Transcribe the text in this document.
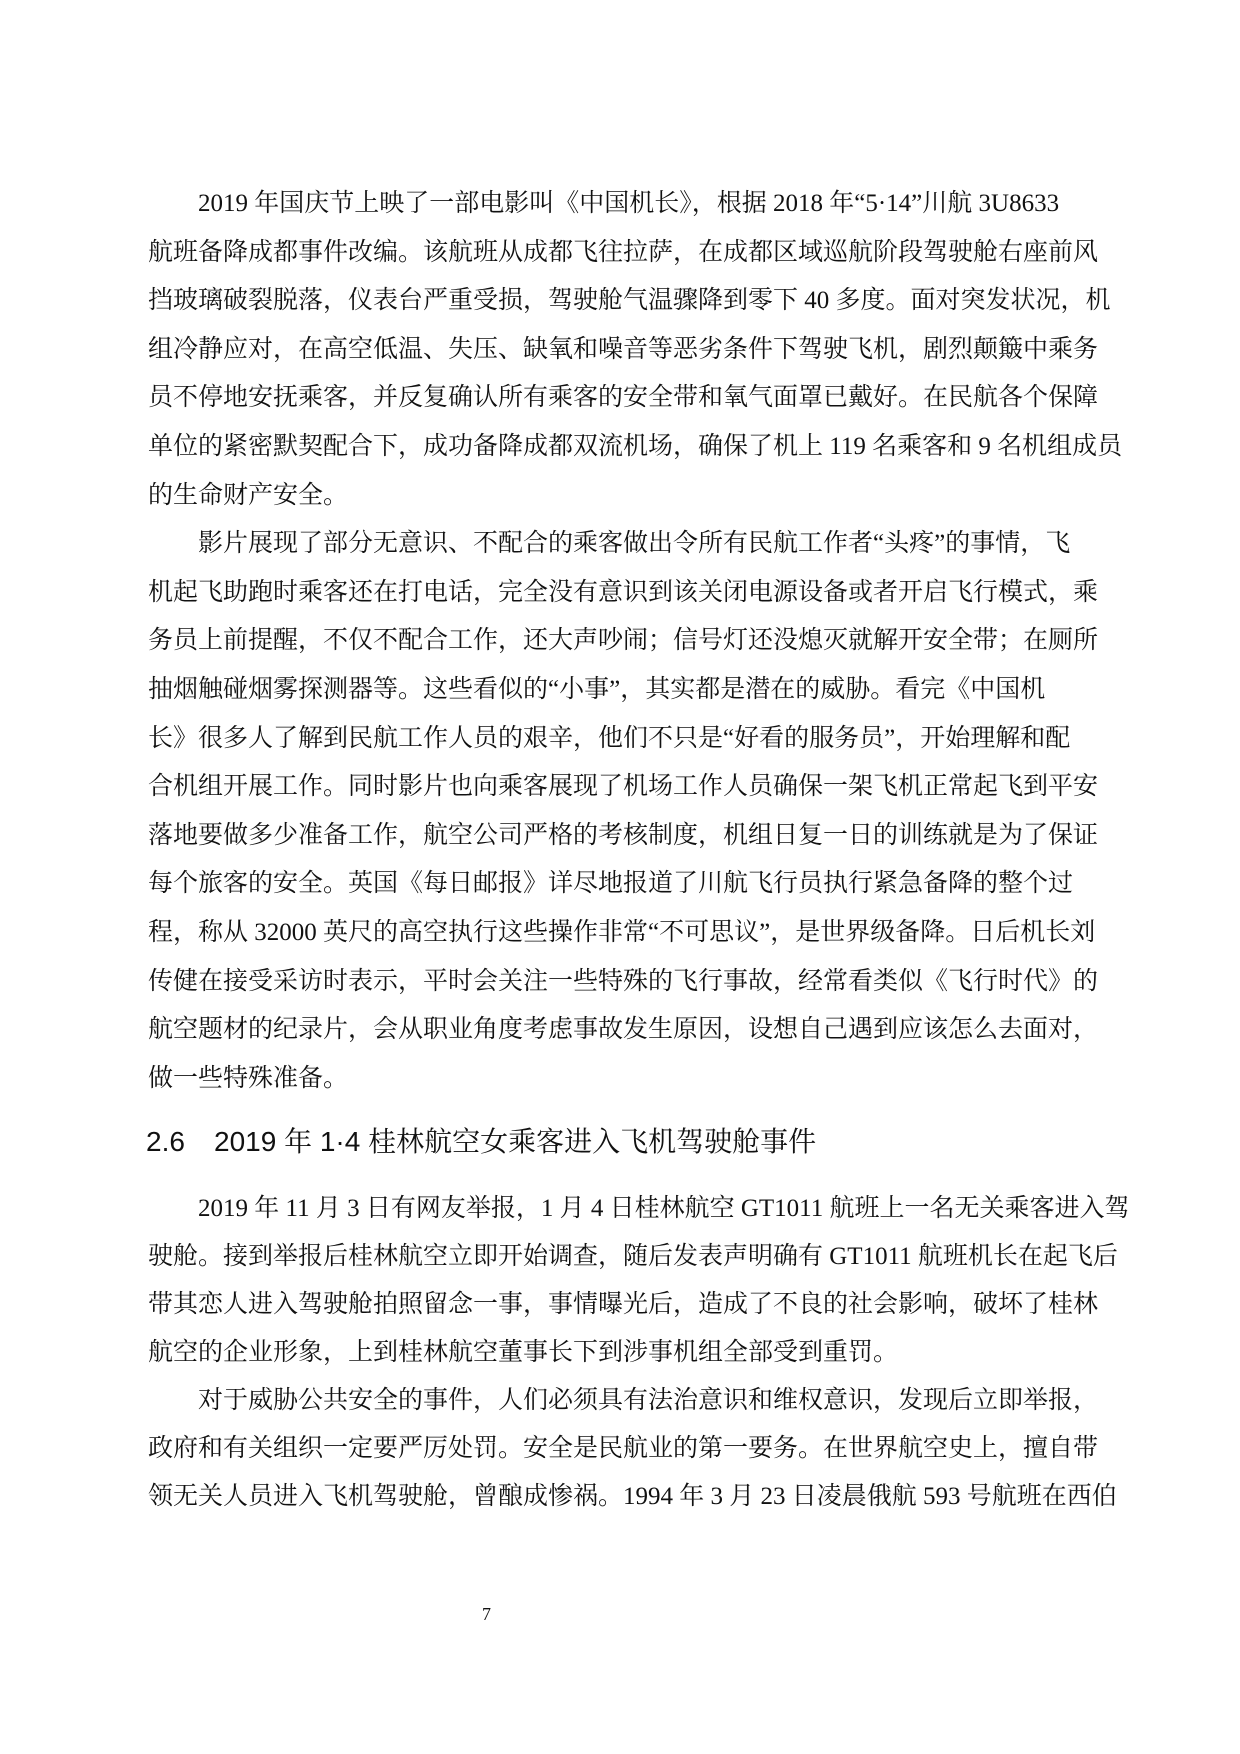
2019 年国庆节上映了一部电影叫《中国机长》，根据 2018 年“5·14”川航 3U8633
航班备降成都事件改编。该航班从成都飞往拉萨，在成都区域巡航阶段驾驶舱右座前风
挡玻璃破裂脱落，仪表台严重受损，驾驶舱气温骤降到零下 40 多度。面对突发状况，机
组冷静应对，在高空低温、失压、缺氧和噪音等恶劣条件下驾驶飞机，剧烈颠簸中乘务
员不停地安抚乘客，并反复确认所有乘客的安全带和氧气面罩已戴好。在民航各个保障
单位的紧密默契配合下，成功备降成都双流机场，确保了机上 119 名乘客和 9 名机组成员
的生命财产安全。
影片展现了部分无意识、不配合的乘客做出令所有民航工作者“头疼”的事情，飞
机起飞助跑时乘客还在打电话，完全没有意识到该关闭电源设备或者开启飞行模式，乘
务员上前提醒，不仅不配合工作，还大声吵闹；信号灯还没熄灭就解开安全带；在厕所
抽烟触碰烟雾探测器等。这些看似的“小事”，其实都是潜在的威胁。看完《中国机
长》很多人了解到民航工作人员的艰辛，他们不只是“好看的服务员”，开始理解和配
合机组开展工作。同时影片也向乘客展现了机场工作人员确保一架飞机正常起飞到平安
落地要做多少准备工作，航空公司严格的考核制度，机组日复一日的训练就是为了保证
每个旅客的安全。英国《每日邮报》详尽地报道了川航飞行员执行紧急备降的整个过
程，称从 32000 英尺的高空执行这些操作非常“不可思议”，是世界级备降。日后机长刘
传健在接受采访时表示，平时会关注一些特殊的飞行事故，经常看类似《飞行时代》的
航空题材的纪录片，会从职业角度考虑事故发生原因，设想自己遇到应该怎么去面对，
做一些特殊准备。
2.6 2019 年 1·4 桂林航空女乘客进入飞机驾驶舱事件
2019 年 11 月 3 日有网友举报，1 月 4 日桂林航空 GT1011 航班上一名无关乘客进入驾
驶舱。接到举报后桂林航空立即开始调查，随后发表声明确有 GT1011 航班机长在起飞后
带其恋人进入驾驶舱拍照留念一事，事情曝光后，造成了不良的社会影响，破坏了桂林
航空的企业形象，上到桂林航空董事长下到涉事机组全部受到重罚。
对于威胁公共安全的事件，人们必须具有法治意识和维权意识，发现后立即举报，
政府和有关组织一定要严厉处罚。安全是民航业的第一要务。在世界航空史上，擅自带
领无关人员进入飞机驾驶舱，曾酿成惨祸。1994 年 3 月 23 日凌晨俄航 593 号航班在西伯
7
